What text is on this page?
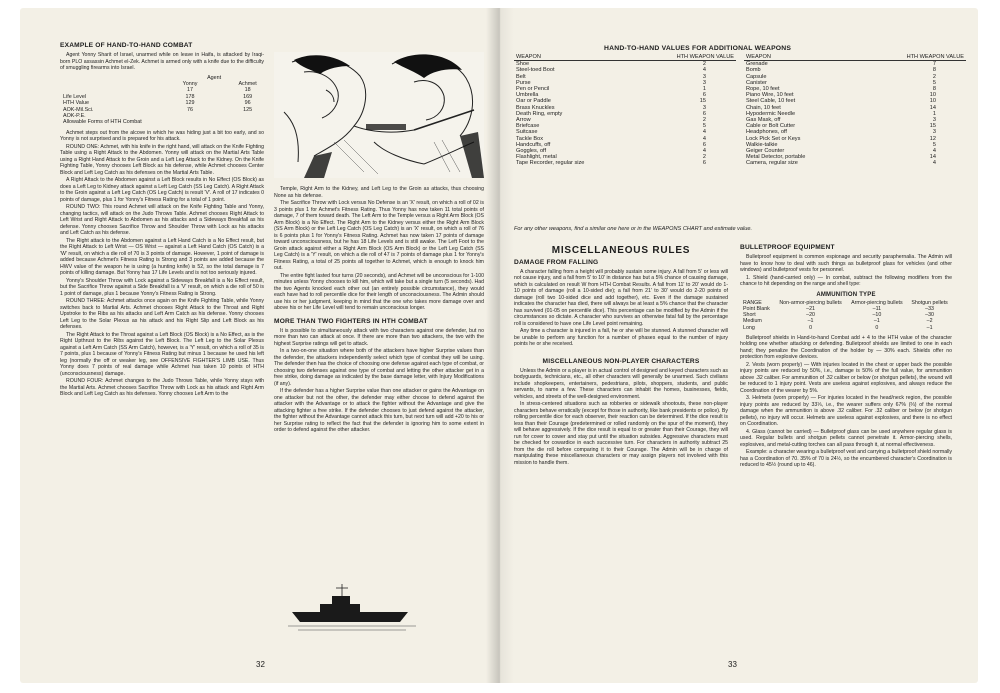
EXAMPLE OF HAND-TO-HAND COMBAT

Agent Yonny Sharit of Israel, unarmed while on leave in Haifa, is attacked by Iraqi-born PLO assassin Achmet el-Zek. Achmet is armed only with a knife due to the difficulty of smuggling firearms into Israel.

		Agent	
	Yonny		Achmet
	17		18
Life Level	178		169
HTH Value	129		96
AOK-Mil.Sci.	76		125
AOK-P.E.			
Allowable Forms of HTH Combat			

Achmet steps out from the alcove in which he was hiding just a bit too early, and so Yonny is not surprised and is prepared for his attack.

ROUND ONE: Achmet, with his knife in the right hand, will attack on the Knife Fighting Table using a Right Attack to the Abdomen. Yonny will attack on the Martial Arts Table using a Right Hand Attack to the Groin and a Left Leg Attack to the Kidney. On the Knife Fighting Table, Yonny chooses Left Block as his defense, while Achmet chooses Center Block and Left Leg Catch as his defenses on the Martial Arts Table.

A Right Attack to the Abdomen against a Left Block results in No Effect (OS Block) as does a Left Leg to Kidney attack against a Left Leg Catch (SS Leg Catch). A Right Attack to the Groin against a Left Leg Catch (OS Leg Catch) is result 'V'. A roll of 17 indicates 0 points of damage, plus 1 for Yonny's Fitness Rating for a total of 1 point.

ROUND TWO: This round Achmet will attack on the Knife Fighting Table and Yonny, changing tactics, will attack on the Judo Throws Table. Achmet chooses Right Attack to Left Wrist and Right Attack to Abdomen as his attacks and a Sideways Breakfall as his defense. Yonny chooses Sacrifice Throw and Shoulder Throw with Lock as his attacks and Left Catch as his defense.

The Right attack to the Abdomen against a Left Hand Catch is a No Effect result, but the Right Attack to Left Wrist — OS Wrist — against a Left Hand Catch (OS Catch) is a 'W' result, on which a die roll of 70 is 3 points of damage. However, 1 point of damage is added because Achmet's Fitness Rating is Strong and 3 points are added because the HWV value of the weapon he is using (a hunting knife) is 52, so the total damage is 7 points of killing damage. But Yonny has 17 Life Levels and is not too seriously injured.

Yonny's Shoulder Throw with Lock against a Sideways Breakfall is a No Effect result, but the Sacrifice Throw against a Side Breakfall is a 'V' result, on which a die roll of 50 is 1 point of damage, plus 1 because Yonny's Fitness Rating is Strong.

ROUND THREE: Achmet attacks once again on the Knife Fighting Table, while Yonny switches back to Martial Arts. Achmet chooses Right Attack to the Throat and Right Upstroke to the Ribs as his attacks and Left Arm Catch as his defense. Yonny chooses Left Leg to the Solar Plexus as his attack and his Right Slip and Left Block as his defenses.

The Right Attack to the Throat against a Left Block (OS Block) is a No Effect, as is the Right Upthrust to the Ribs against the Left Block. The Left Leg to the Solar Plexus against a Left Arm Catch (SS Arm Catch), however, is a 'Y' result, on which a roll of 35 is 7 points, plus 1 because of Yonny's Fitness Rating but minus 1 because he used his left leg (normally the off or weaker leg, see OFFENSIVE FIGHTER'S LIMB USE. Thus Yonny does 7 points of real damage while Achmet has taken 10 points of HTH (unconsciousness) damage.

ROUND FOUR: Achmet changes to the Judo Throws Table, while Yonny stays with the Martial Arts. Achmet chooses Sacrifice Throw with Lock as his attack and Right Arm Block and Left Leg Catch as his defenses. Yonny chooses Left Arm to the

Temple, Right Arm to the Kidney, and Left Leg to the Groin as attacks, thus choosing None as his defense.

The Sacrifice Throw with Lock versus No Defense is an 'X' result, on which a roll of 02 is 3 points plus 1 for Achmet's Fitness Rating. Thus Yonny has now taken 11 total points of damage, 7 of them toward death. The Left Arm to the Temple versus a Right Arm Block (OS Arm Block) is a No Effect. The Right Arm to the Kidney versus either the Right Arm Block (SS Arm Block) or the Left Leg Catch (OS Leg Catch) is an 'X' result, on which a roll of 76 is 6 points plus 1 for Yonny's Fitness Rating. Achmet has now taken 17 points of damage toward unconsciousness, but he has 18 Life Levels and is still awake. The Left Foot to the Groin attack against either a Right Arm Block (OS Arm Block) or the Left Leg Catch (SS Leg Catch) is a 'Y' result, on which a die roll of 47 is 7 points of damage plus 1 for Yonny's Fitness Rating, a total of 25 points all together to Achmet, which is enough to knock him out.

The entire fight lasted four turns (20 seconds), and Achmet will be unconscious for 1-100 minutes unless Yonny chooses to kill him, which will take but a single turn (5 seconds). Had the two Agents knocked each other out (an entirely possible circumstance), they would each have had to roll percentile dice for their length of unconsciousness. The Admin should use his or her judgment, keeping in mind that the one who takes more damage over and above his or her Life Level will tend to remain unconscious longer.

MORE THAN TWO FIGHTERS IN HTH COMBAT

It is possible to simultaneously attack with two characters against one defender, but no more than two can attack at once. If there are more than two attackers, the two with the highest Surprise ratings will get to attack.

In a two-on-one situation where both of the attackers have higher Surprise values than the defender, the attackers independently select which type of combat they will be using. The defender then has the choice of choosing one defense against each type of combat, or choosing two defenses against one type of combat and letting the other attacker get in a free strike, doing damage as indicated by the base damage letter, with Injury Modifications (if any).

If the defender has a higher Surprise value than one attacker or gains the Advantage on one attacker but not the other, the defender may either choose to defend against the attacker with the Advantage or to attack the fighter without the Advantage and give the attacking fighter a free strike. If the defender chooses to just defend against the attacker, the fighter without the Advantage cannot attack this turn, but next turn will add +20 to his or her Surprise rating to reflect the fact that the defender is ignoring him to some extent in order to defend against the other attacker.

32
HAND-TO-HAND VALUES FOR ADDITIONAL WEAPONS
WEAPON	HTH WEAPON VALUE
Shoe	2
Steel-toed Boot	4
Belt	3
Purse	3
Pen or Pencil	1
Umbrella	6
Oar or Paddle	15
Brass Knuckles	3
Death Ring, empty	6
Arrow	2
Briefcase	5
Suitcase	4
Tackle Box	4
Handcuffs, off	6
Goggles, off	4
Flashlight, metal	2
Tape Recorder, regular size	6
WEAPON	HTH WEAPON VALUE
Grenade	7
Bomb	8
Capsule	2
Canister	5
Rope, 10 feet	8
Piano Wire, 10 feet	10
Steel Cable, 10 feet	10
Chain, 10 feet	14
Hypodermic Needle	1
Gas Mask, off	3
Cable or Bolt Cutter	15
Headphones, off	3
Lock Pick Set or Keys	12
Walkie-talkie	5
Geiger Counter	4
Metal Detector, portable	14
Camera, regular size	4
For any other weapons, find a similar one here or in the WEAPONS CHART and estimate value.
MISCELLANEOUS RULES
DAMAGE FROM FALLING

A character falling from a height will probably sustain some injury. A fall from 5' or less will not cause injury, and a fall from 5' to 10' in distance has but a 5% chance of causing damage, which is calculated on result W from HTH Combat Results. A fall from 11' to 20' would do 1-10 points of damage (roll a 10-sided die); a fall from 21' to 30' would do 2-20 points of damage (roll two 10-sided dice and add together), etc. Even if the damage sustained indicates the character has died, there will always be at least a 5% chance that the character has survived (01-05 on percentile dice). This percentage can be modified by the Admin if the circumstances so dictate. A character who survives an otherwise fatal fall by the percentage roll is considered to have one Life Level point remaining.

Any time a character is injured in a fall, he or she will be stunned. A stunned character will be unable to perform any function for a number of phases equal to the number of injury points he or she received.

MISCELLANEOUS NON-PLAYER CHARACTERS

Unless the Admin or a player is in actual control of designed and keyed characters such as bodyguards, technicians, etc., all other characters will generally be unarmed. Such civilians include shopkeepers, entertainers, pedestrians, pilots, shoppers, students, and public servants, to name a few. These characters can inhabit the homes, businesses, fields, vehicles, and streets of the well-designed environment.

In stress-centered situations such as robberies or sidewalk shootouts, these non-player characters behave erratically (except for those in authority, like bank presidents or police). By rolling percentile dice for each observer, their reaction can be determined. If the dice result is less than their Courage (predetermined or rolled randomly on the spur of the moment), they will behave aggressively. If the dice result is equal to or greater than their Courage, they will run for cover to cower and stay put until the situation subsides. Aggressive characters must be checked for cowardice in each successive turn. For characters in authority subtract 25 from the die roll before comparing it to their Courage. The Admin will be in charge of manipulating these miscellaneous characters or may assign players not involved with this mission to handle them.

BULLETPROOF EQUIPMENT

Bulletproof equipment is common espionage and security paraphernalia. The Admin will have to know how to deal with such things as bulletproof glass for vehicles (and other windows) and bulletproof vests for personnel.

1. Shield (hand-carried only) — In combat, subtract the following modifiers from the chance to hit depending on the range and shell type:

AMMUNITION TYPE
RANGE	Non-armor-piercing bullets	Armor-piercing bullets	Shotgun pellets
Point Blank	–21	–11	–33
Short	–20	–10	–30
Medium	–1	–1	–2
Long	0	0	–1

Bulletproof shields in Hand-to-hand Combat add + 4 to the HTH value of the character holding one whether attacking or defending. Bulletproof shields are limited to one in each hand; they penalize the Coordination of the holder by — 30% each. Shields offer no protection from explosive devices.

2. Vests (worn properly) — With injuries located in the chest or upper back the possible injury points are reduced by 50%, i.e., damage is 50% of the full value, for ammunition above .32 caliber. For ammunition of .32 caliber or below (or shotgun pellets), the wound will be reduced to 1 injury point. Vests are useless against explosives, and always reduce the Coordination of the wearer by 5%.

3. Helmets (worn properly) — For injuries located in the head/neck region, the possible injury points are reduced by 33⅓, i.e., the wearer suffers only 67% (⅔) of the normal damage when the ammunition is above .32 caliber. For .32 caliber or below (or shotgun pellets), no injury will occur. Helmets are useless against explosives, and there is no effect on Coordination.

4. Glass (cannot be carried) — Bulletproof glass can be used anywhere regular glass is used. Regular bullets and shotgun pellets cannot penetrate it. Armor-piercing shells, explosives, and metal-cutting torches can all pass through it, at normal effectiveness.

Example: a character wearing a bulletproof vest and carrying a bulletproof shield normally has a Coordination of 70. 35% of 70 is 24½, so the encumbered character's Coordination is reduced to 45½ (round up to 46).

33
